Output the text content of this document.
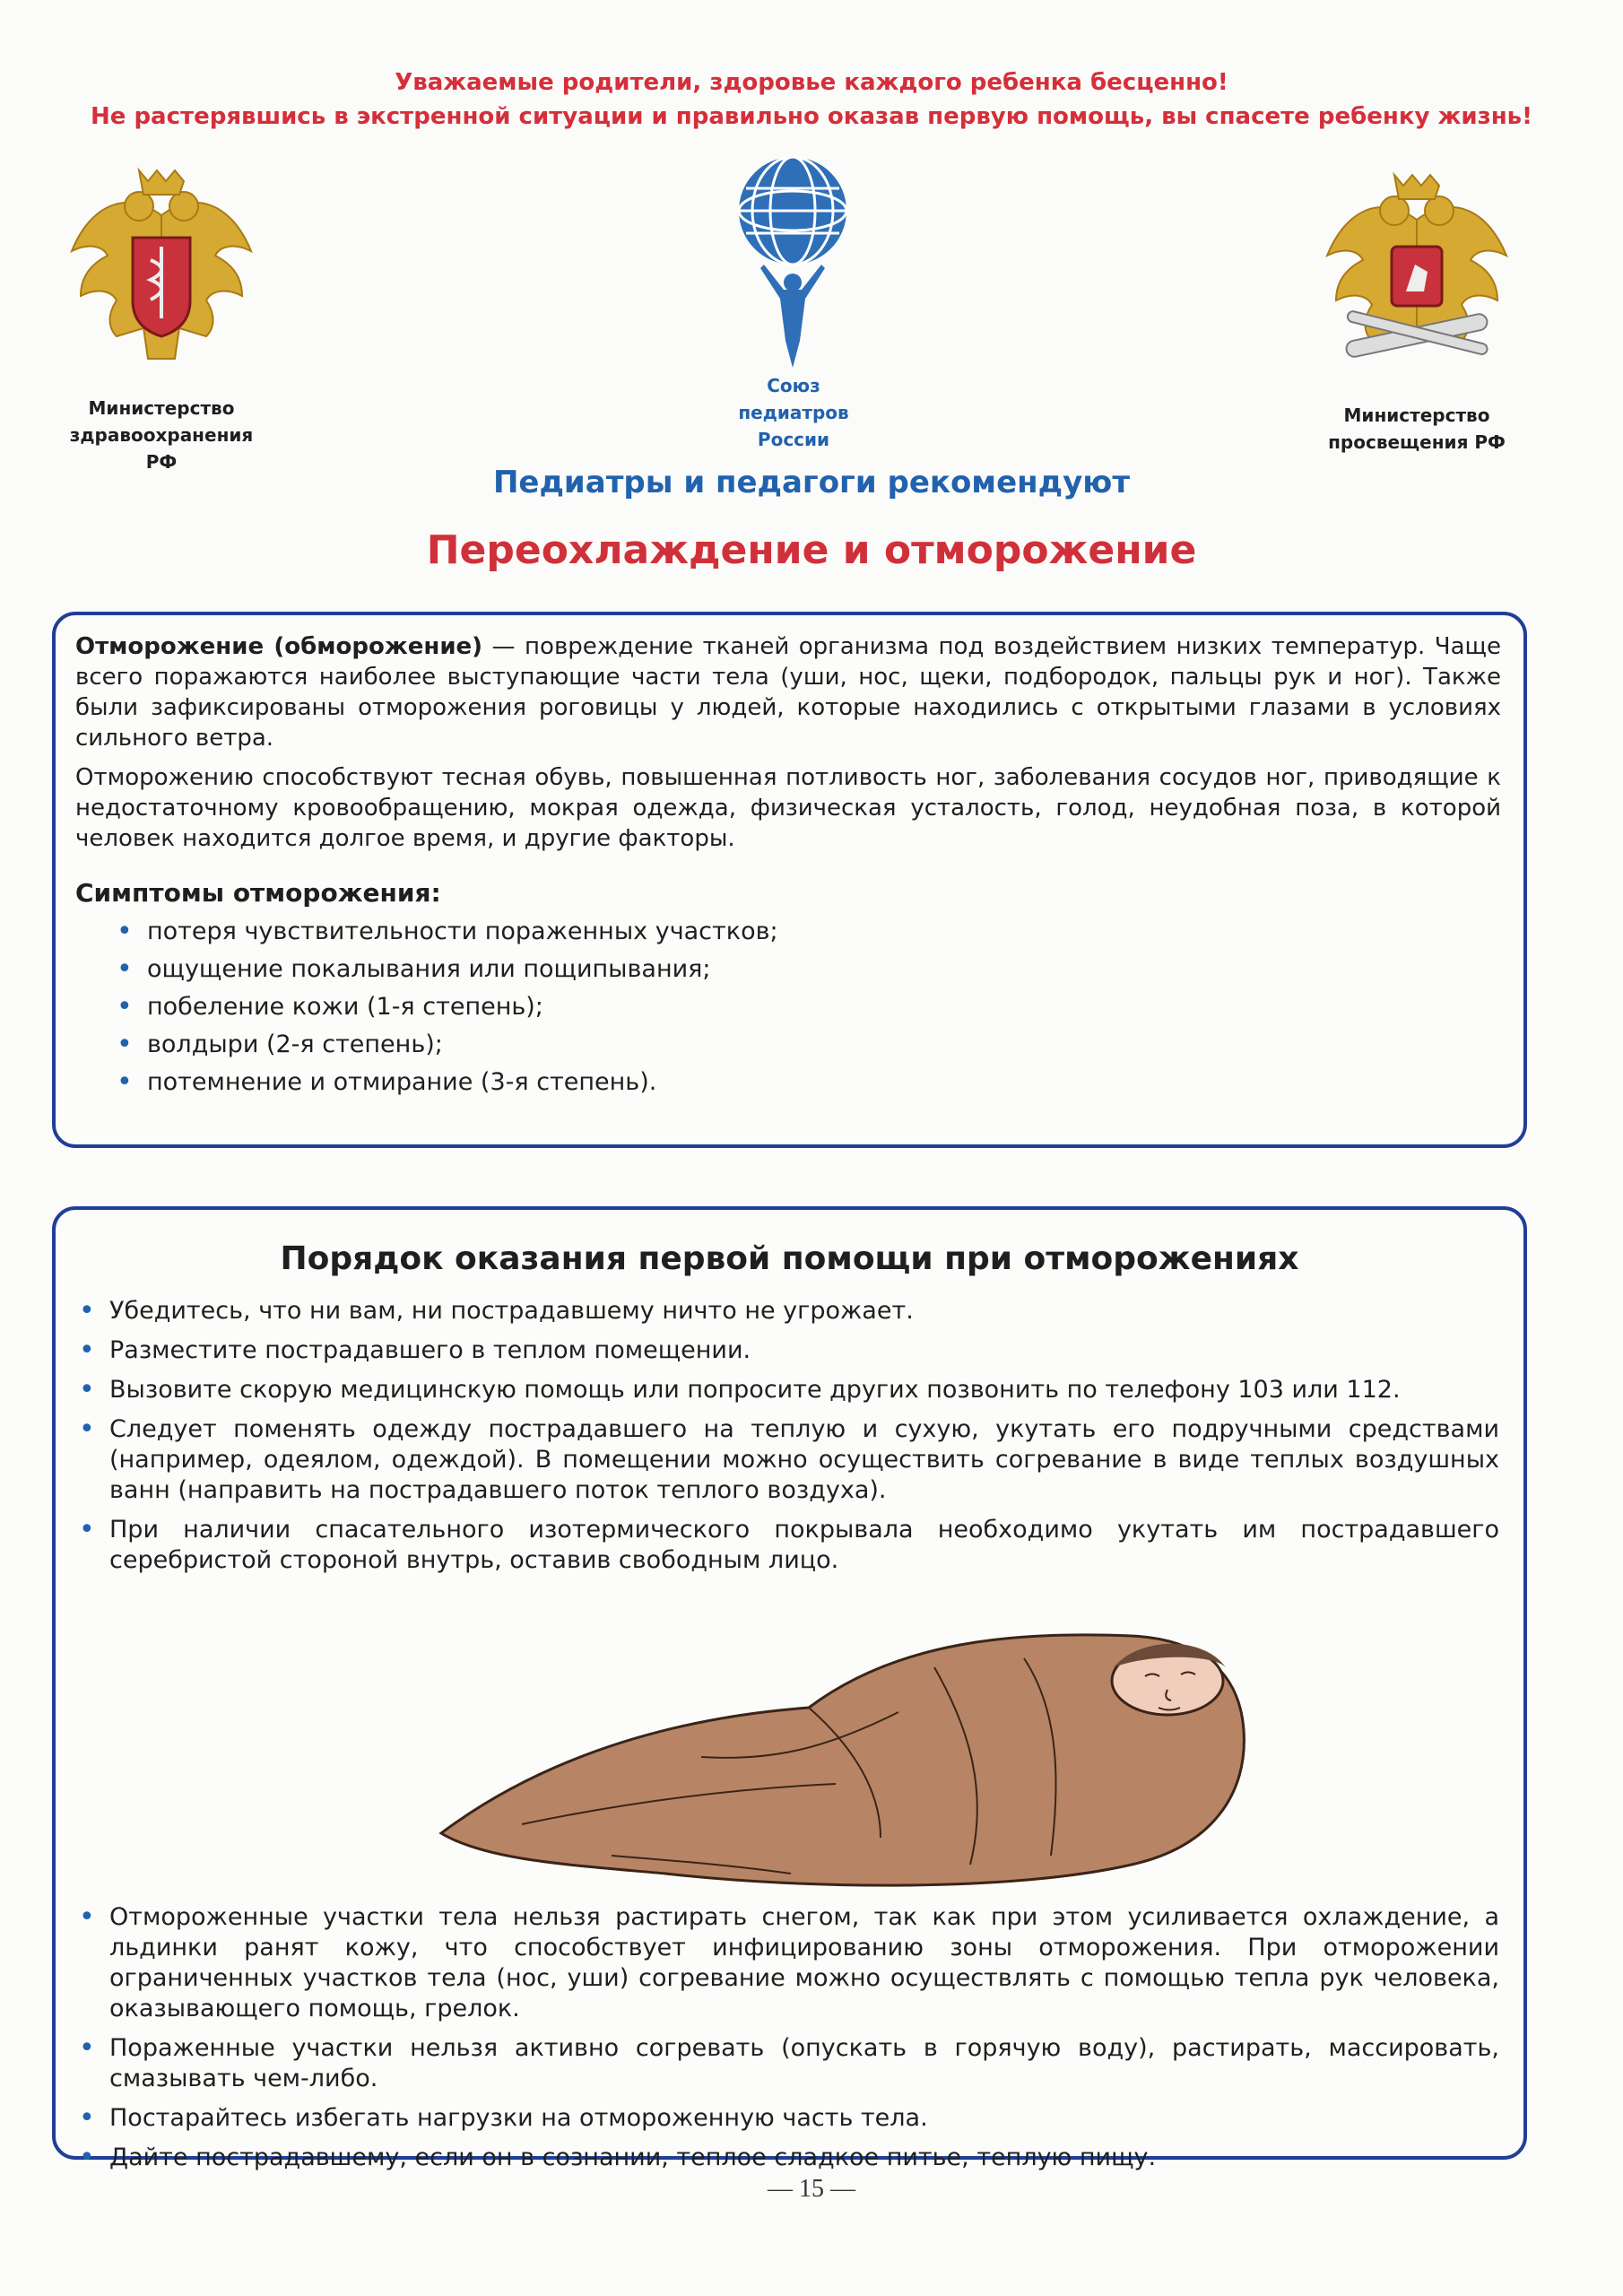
Уважаемые родители, здоровье каждого ребенка бесценно!
Не растерявшись в экстренной ситуации и правильно оказав первую помощь, вы спасете ребенку жизнь!
Министерство
здравоохранения РФ
Союз
педиатров
России
Министерство
просвещения РФ
Педиатры и педагоги рекомендуют
Переохлаждение и отморожение

Отморожение (обморожение) — повреждение тканей организма под воздействием низких температур. Чаще всего поражаются наиболее выступающие части тела (уши, нос, щеки, подбородок, пальцы рук и ног). Также были зафиксированы отморожения роговицы у людей, которые находились с открытыми глазами в условиях сильного ветра.

Отморожению способствуют тесная обувь, повышенная потливость ног, заболевания сосудов ног, приводящие к недостаточному кровообращению, мокрая одежда, физическая усталость, голод, неудобная поза, в которой человек находится долгое время, и другие факторы.

Симптомы отморожения:
• потеря чувствительности пораженных участков;
• ощущение покалывания или пощипывания;
• побеление кожи (1-я степень);
• волдыри (2-я степень);
• потемнение и отмирание (3-я степень).
Порядок оказания первой помощи при отморожениях
• Убедитесь, что ни вам, ни пострадавшему ничто не угрожает.
• Разместите пострадавшего в теплом помещении.
• Вызовите скорую медицинскую помощь или попросите других позвонить по телефону 103 или 112.
• Следует поменять одежду пострадавшего на теплую и сухую, укутать его подручными средствами (например, одеялом, одеждой). В помещении можно осуществить согревание в виде теплых воздушных ванн (направить на пострадавшего поток теплого воздуха).
• При наличии спасательного изотермического покрывала необходимо укутать им пострадавшего серебристой стороной внутрь, оставив свободным лицо.
• Отмороженные участки тела нельзя растирать снегом, так как при этом усиливается охлаждение, а льдинки ранят кожу, что способствует инфицированию зоны отморожения. При отморожении ограниченных участков тела (нос, уши) согревание можно осуществлять с помощью тепла рук человека, оказывающего помощь, грелок.
• Пораженные участки нельзя активно согревать (опускать в горячую воду), растирать, массировать, смазывать чем-либо.
• Постарайтесь избегать нагрузки на отмороженную часть тела.
• Дайте пострадавшему, если он в сознании, теплое сладкое питье, теплую пищу.
— 15 —
